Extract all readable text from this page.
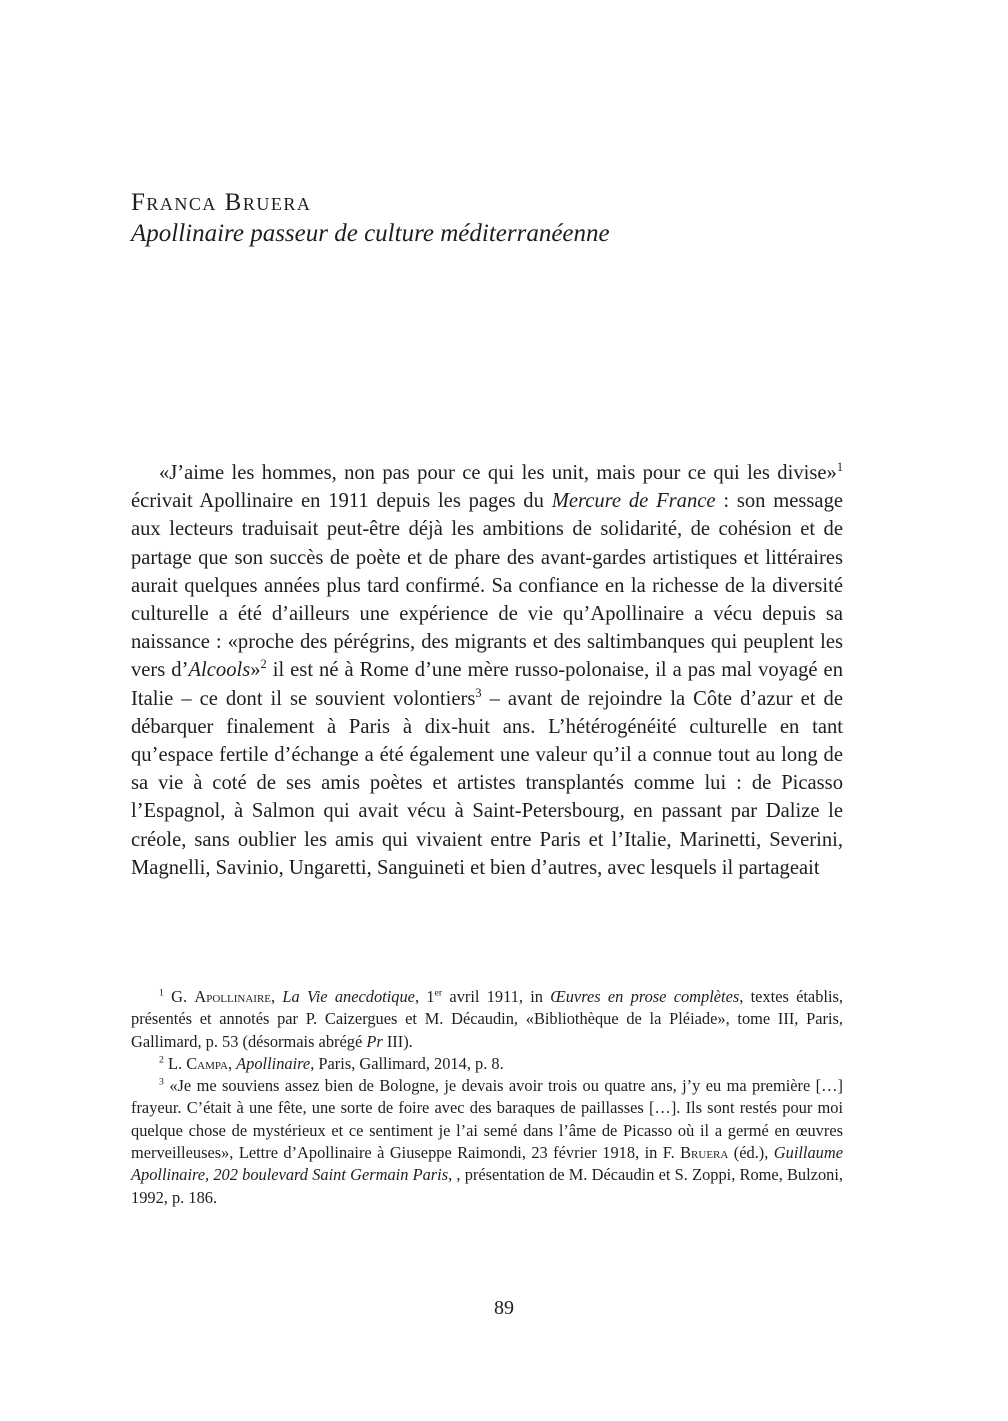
Franca Bruera

Apollinaire passeur de culture méditerranéenne

«J’aime les hommes, non pas pour ce qui les unit, mais pour ce qui les divise»$^1$ écrivait Apollinaire en 1911 depuis les pages du Mercure de France : son message aux lecteurs traduisait peut-être déjà les ambitions de solidarité, de cohésion et de partage que son succès de poète et de phare des avant-gardes artistiques et littéraires aurait quelques années plus tard confirmé. Sa confiance en la richesse de la diversité culturelle a été d’ailleurs une expérience de vie qu’Apollinaire a vécu depuis sa naissance : «proche des pérégrins, des migrants et des saltimbanques qui peuplent les vers d’Alcools»$^2$ il est né à Rome d’une mère russo-polonaise, il a pas mal voyagé en Italie – ce dont il se souvient volontiers$^3$ – avant de rejoindre la Côte d’azur et de débarquer finalement à Paris à dix-huit ans. L’hétérogénéité culturelle en tant qu’espace fertile d’échange a été également une valeur qu’il a connue tout au long de sa vie à coté de ses amis poètes et artistes transplantés comme lui : de Picasso l’Espagnol, à Salmon qui avait vécu à Saint-Petersbourg, en passant par Dalize le créole, sans oublier les amis qui vivaient entre Paris et l’Italie, Marinetti, Severini, Magnelli, Savinio, Ungaretti, Sanguineti et bien d’autres, avec lesquels il partageait

$^1$ G. Apollinaire, La Vie anecdotique, 1er avril 1911, in Œuvres en prose complètes, textes établis, présentés et annotés par P. Caizergues et M. Décaudin, «Bibliothèque de la Pléiade», tome III, Paris, Gallimard, p. 53 (désormais abrégé Pr III).

$^2$ L. Campa, Apollinaire, Paris, Gallimard, 2014, p. 8.

$^3$ «Je me souviens assez bien de Bologne, je devais avoir trois ou quatre ans, j’y eu ma première […] frayeur. C’était à une fête, une sorte de foire avec des baraques de paillasses […]. Ils sont restés pour moi quelque chose de mystérieux et ce sentiment je l’ai semé dans l’âme de Picasso où il a germé en œuvres merveilleuses», Lettre d’Apollinaire à Giuseppe Raimondi, 23 février 1918, in F. Bruera (éd.), Guillaume Apollinaire, 202 boulevard Saint Germain Paris, , présentation de M. Décaudin et S. Zoppi, Rome, Bulzoni, 1992, p. 186.

89
